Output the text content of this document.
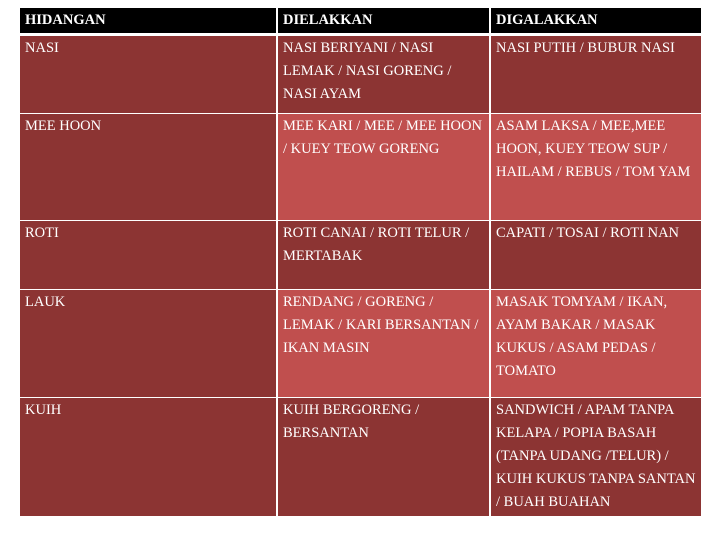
HIDANGAN	DIELAKKAN	DIGALAKKAN
NASI	NASI BERIYANI / NASI LEMAK / NASI GORENG / NASI AYAM	NASI PUTIH / BUBUR NASI
MEE HOON	MEE KARI / MEE / MEE HOON / KUEY TEOW GORENG	ASAM LAKSA / MEE,MEE HOON, KUEY TEOW SUP / HAILAM / REBUS / TOM YAM
ROTI	ROTI CANAI / ROTI TELUR / MERTABAK	CAPATI / TOSAI / ROTI NAN
LAUK	RENDANG / GORENG / LEMAK / KARI BERSANTAN / IKAN MASIN	MASAK TOMYAM / IKAN, AYAM BAKAR / MASAK KUKUS / ASAM PEDAS / TOMATO
KUIH	KUIH BERGORENG / BERSANTAN	SANDWICH / APAM TANPA KELAPA / POPIA BASAH (TANPA UDANG /TELUR) / KUIH KUKUS TANPA SANTAN / BUAH BUAHAN
